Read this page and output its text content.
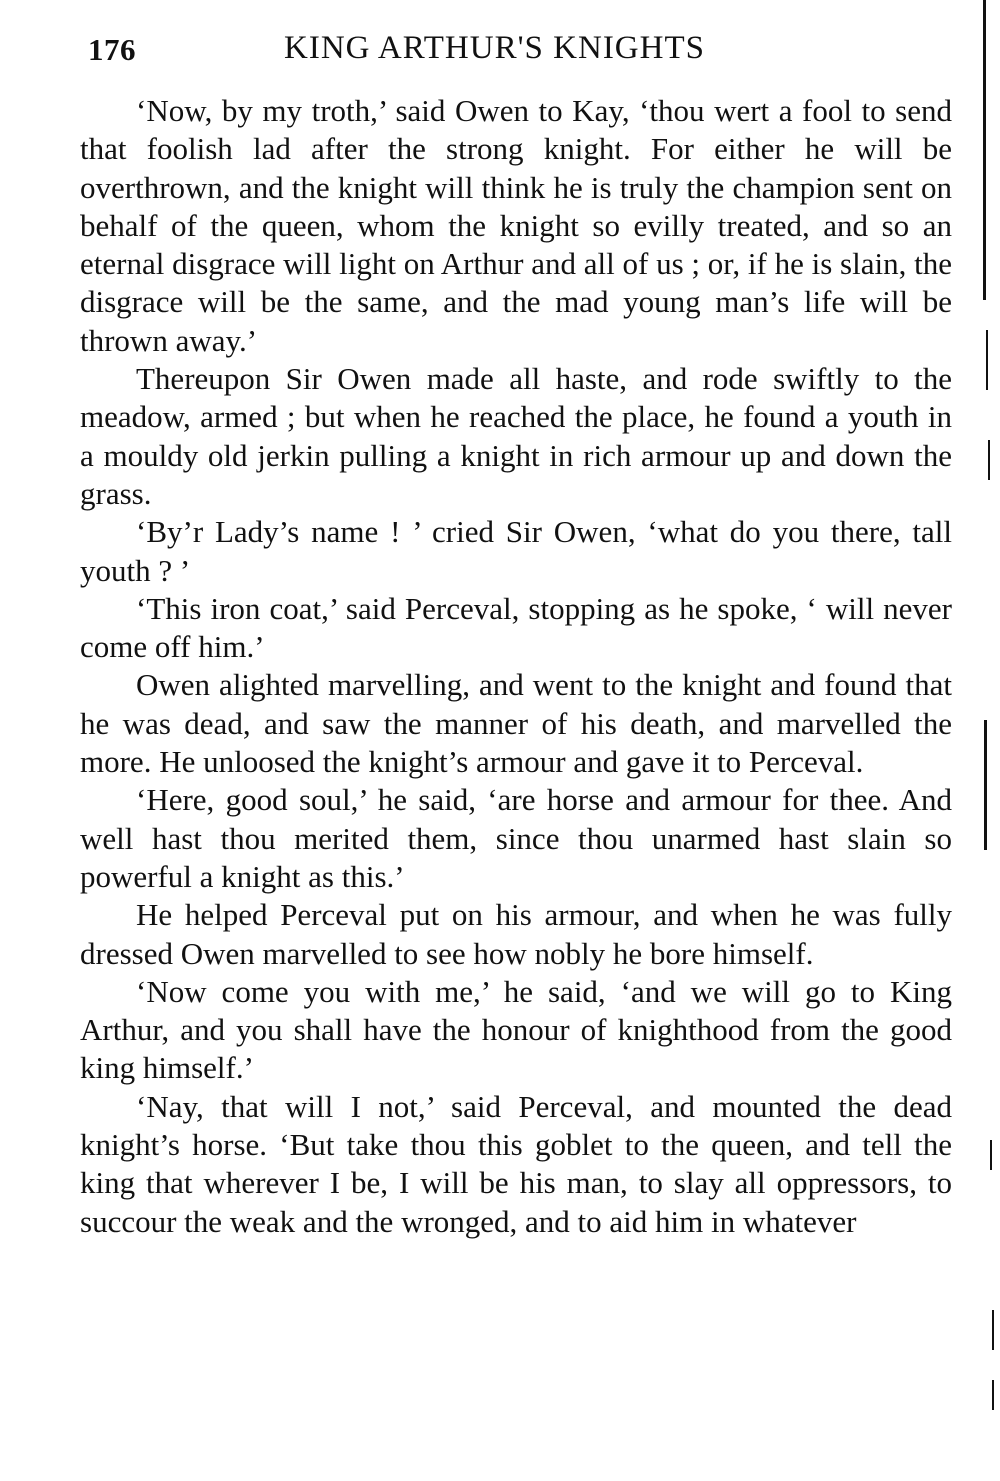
176	KING ARTHUR'S KNIGHTS

‘Now, by my troth,’ said Owen to Kay, ‘thou wert a fool to send that foolish lad after the strong knight. For either he will be overthrown, and the knight will think he is truly the champion sent on behalf of the queen, whom the knight so evilly treated, and so an eternal disgrace will light on Arthur and all of us ; or, if he is slain, the disgrace will be the same, and the mad young man’s life will be thrown away.’

Thereupon Sir Owen made all haste, and rode swiftly to the meadow, armed ; but when he reached the place, he found a youth in a mouldy old jerkin pulling a knight in rich armour up and down the grass.

‘By’r Lady’s name ! ’ cried Sir Owen, ‘what do you there, tall youth ? ’

‘This iron coat,’ said Perceval, stopping as he spoke, ‘ will never come off him.’

Owen alighted marvelling, and went to the knight and found that he was dead, and saw the manner of his death, and marvelled the more. He unloosed the knight’s armour and gave it to Perceval.

‘Here, good soul,’ he said, ‘are horse and armour for thee. And well hast thou merited them, since thou unarmed hast slain so powerful a knight as this.’

He helped Perceval put on his armour, and when he was fully dressed Owen marvelled to see how nobly he bore himself.

‘Now come you with me,’ he said, ‘and we will go to King Arthur, and you shall have the honour of knighthood from the good king himself.’

‘Nay, that will I not,’ said Perceval, and mounted the dead knight’s horse. ‘But take thou this goblet to the queen, and tell the king that wherever I be, I will be his man, to slay all oppressors, to succour the weak and the wronged, and to aid him in whatever
